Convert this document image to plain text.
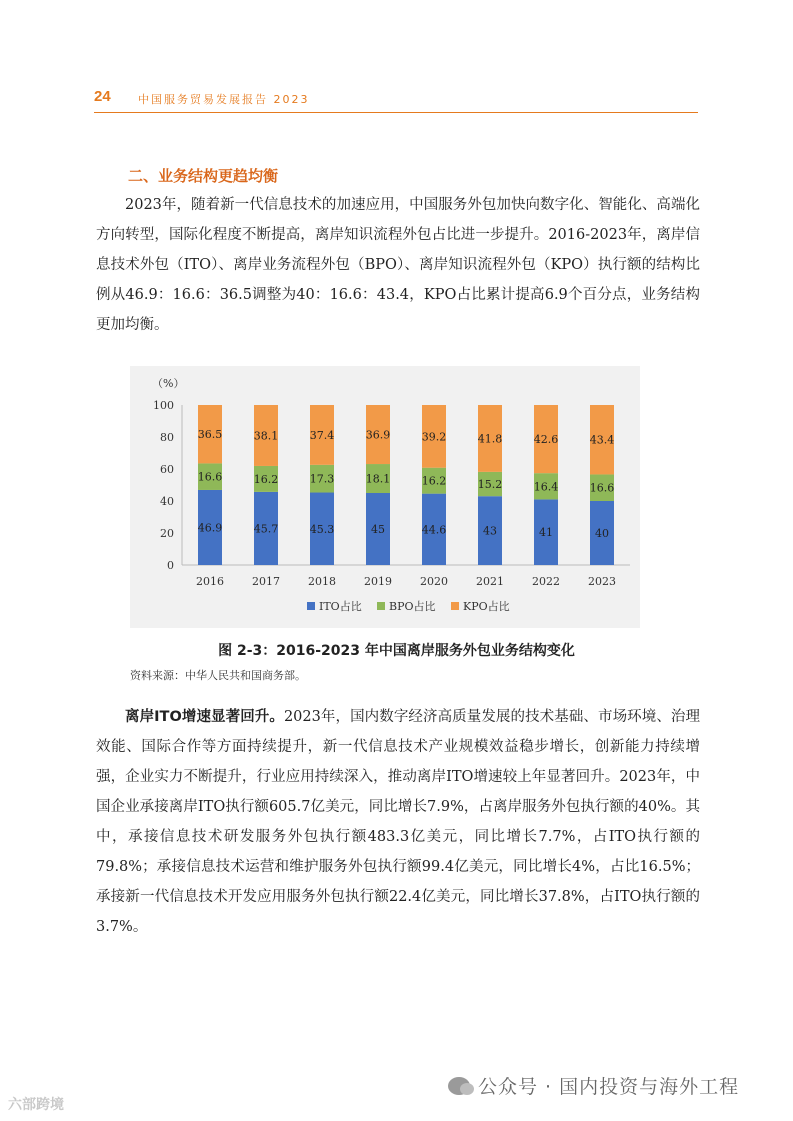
24 中国服务贸易发展报告 2023
二、业务结构更趋均衡

2023年，随着新一代信息技术的加速应用，中国服务外包加快向数字化、智能化、高端化方向转型，国际化程度不断提高，离岸知识流程外包占比进一步提升。2016-2023年，离岸信息技术外包（ITO）、离岸业务流程外包（BPO）、离岸知识流程外包（KPO）执行额的结构比例从46.9：16.6：36.5调整为40：16.6：43.4，KPO占比累计提高6.9个百分点，业务结构更加均衡。

（%）
0
20
40
60
80
100
46.9
16.6
36.5
2016
45.7
16.2
38.1
2017
45.3
17.3
37.4
2018
45
18.1
36.9
2019
44.6
16.2
39.2
2020
43
15.2
41.8
2021
41
16.4
42.6
2022
40
16.6
43.4
2023
ITO占比 BPO占比 KPO占比
图 2-3：2016-2023 年中国离岸服务外包业务结构变化
资料来源：中华人民共和国商务部。

离岸ITO增速显著回升。2023年，国内数字经济高质量发展的技术基础、市场环境、治理效能、国际合作等方面持续提升，新一代信息技术产业规模效益稳步增长，创新能力持续增强，企业实力不断提升，行业应用持续深入，推动离岸ITO增速较上年显著回升。2023年，中国企业承接离岸ITO执行额605.7亿美元，同比增长7.9%，占离岸服务外包执行额的40%。其中，承接信息技术研发服务外包执行额483.3亿美元，同比增长7.7%，占ITO执行额的79.8%；承接信息技术运营和维护服务外包执行额99.4亿美元，同比增长4%，占比16.5%；承接新一代信息技术开发应用服务外包执行额22.4亿美元，同比增长37.8%，占ITO执行额的3.7%。

公众号 · 国内投资与海外工程
六部跨境
